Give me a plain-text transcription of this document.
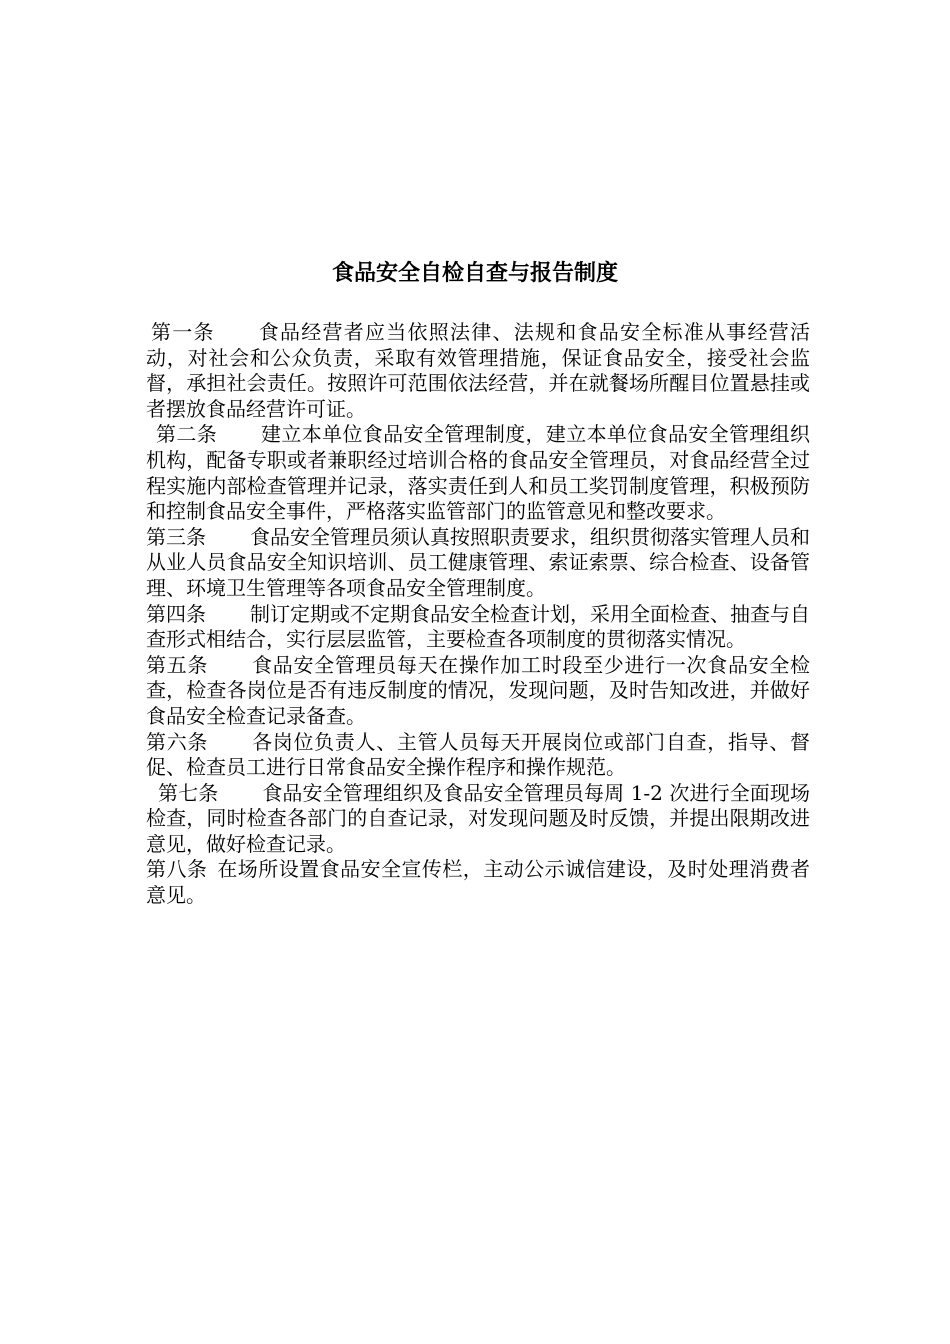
食品安全自检自查与报告制度

第一条 食品经营者应当依照法律、法规和食品安全标准从事经营活动，对社会和公众负责，采取有效管理措施，保证食品安全，接受社会监督，承担社会责任。按照许可范围依法经营，并在就餐场所醒目位置悬挂或者摆放食品经营许可证。

第二条 建立本单位食品安全管理制度，建立本单位食品安全管理组织机构，配备专职或者兼职经过培训合格的食品安全管理员，对食品经营全过程实施内部检查管理并记录，落实责任到人和员工奖罚制度管理，积极预防和控制食品安全事件，严格落实监管部门的监管意见和整改要求。

第三条 食品安全管理员须认真按照职责要求，组织贯彻落实管理人员和从业人员食品安全知识培训、员工健康管理、索证索票、综合检查、设备管理、环境卫生管理等各项食品安全管理制度。

第四条 制订定期或不定期食品安全检查计划，采用全面检查、抽查与自查形式相结合，实行层层监管，主要检查各项制度的贯彻落实情况。

第五条 食品安全管理员每天在操作加工时段至少进行一次食品安全检查，检查各岗位是否有违反制度的情况，发现问题，及时告知改进，并做好食品安全检查记录备查。

第六条 各岗位负责人、主管人员每天开展岗位或部门自查，指导、督促、检查员工进行日常食品安全操作程序和操作规范。

第七条 食品安全管理组织及食品安全管理员每周 1-2 次进行全面现场检查，同时检查各部门的自查记录，对发现问题及时反馈，并提出限期改进意见，做好检查记录。

第八条 在场所设置食品安全宣传栏，主动公示诚信建设，及时处理消费者意见。
